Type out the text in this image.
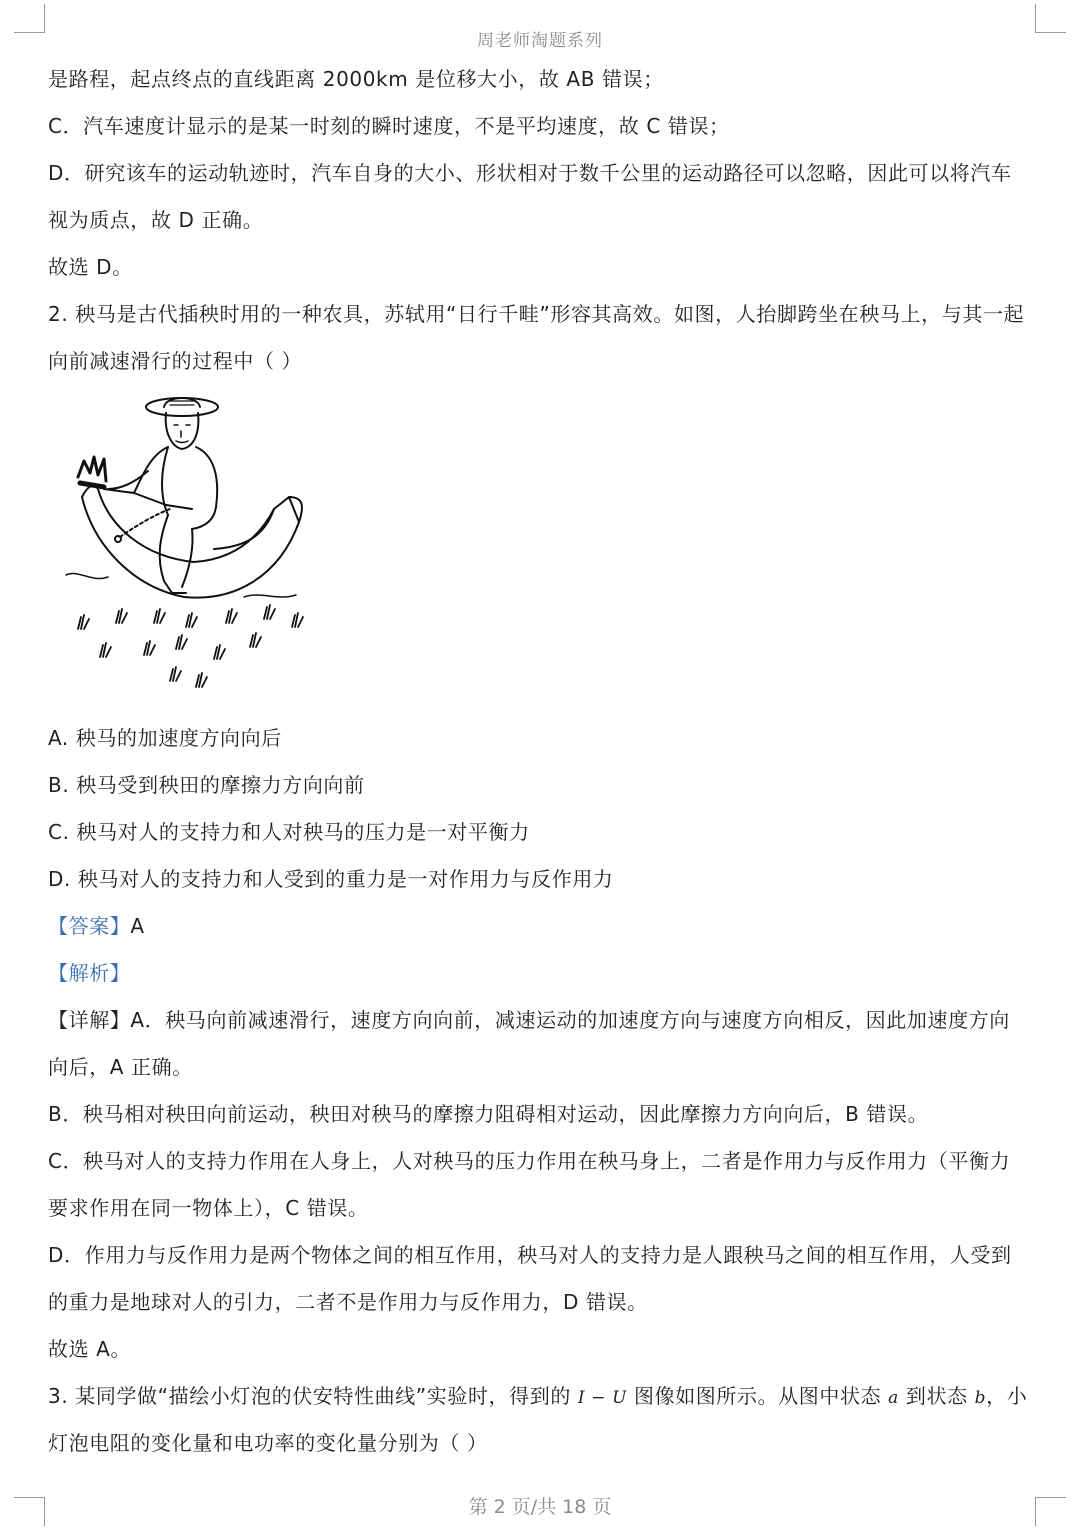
周老师淘题系列
是路程，起点终点的直线距离 2000km 是位移大小，故 AB 错误；
C．汽车速度计显示的是某一时刻的瞬时速度，不是平均速度，故 C 错误；
D．研究该车的运动轨迹时，汽车自身的大小、形状相对于数千公里的运动路径可以忽略，因此可以将汽车
视为质点，故 D 正确。
故选 D。
2. 秧马是古代插秧时用的一种农具，苏轼用“日行千畦”形容其高效。如图，人抬脚跨坐在秧马上，与其一起
向前减速滑行的过程中（ ）
A. 秧马的加速度方向向后
B. 秧马受到秧田的摩擦力方向向前
C. 秧马对人的支持力和人对秧马的压力是一对平衡力
D. 秧马对人的支持力和人受到的重力是一对作用力与反作用力
【答案】A
【解析】
【详解】A．秧马向前减速滑行，速度方向向前，减速运动的加速度方向与速度方向相反，因此加速度方向
向后，A 正确。
B．秧马相对秧田向前运动，秧田对秧马的摩擦力阻碍相对运动，因此摩擦力方向向后，B 错误。
C．秧马对人的支持力作用在人身上，人对秧马的压力作用在秧马身上，二者是作用力与反作用力（平衡力
要求作用在同一物体上），C 错误。
D．作用力与反作用力是两个物体之间的相互作用，秧马对人的支持力是人跟秧马之间的相互作用，人受到
的重力是地球对人的引力，二者不是作用力与反作用力，D 错误。
故选 A。
3. 某同学做“描绘小灯泡的伏安特性曲线”实验时，得到的 I − U 图像如图所示。从图中状态 a 到状态 b，小
灯泡电阻的变化量和电功率的变化量分别为（ ）
第 2 页/共 18 页
